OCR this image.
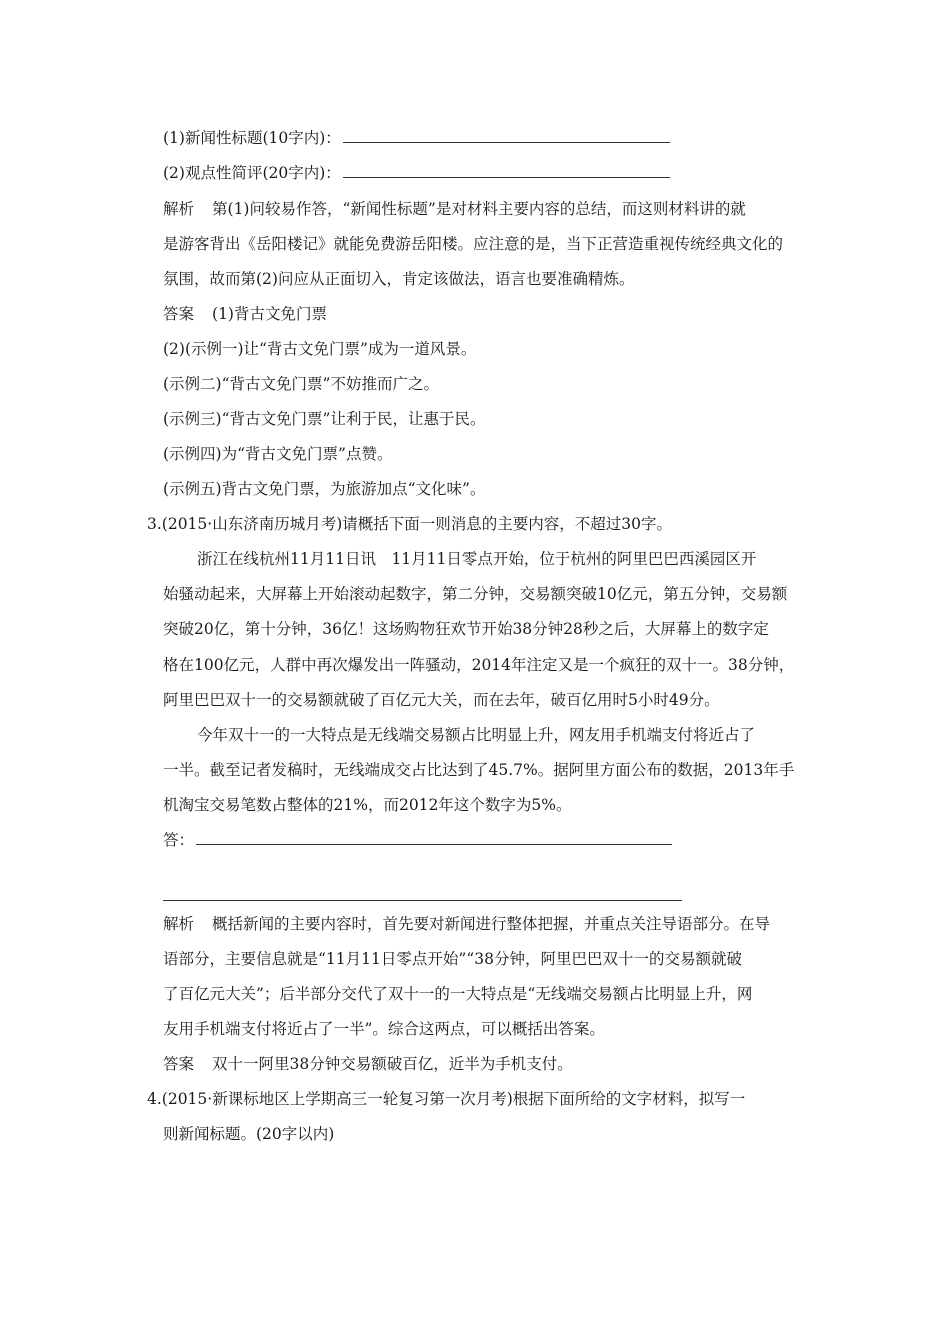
(1)新闻性标题(10字内)：
(2)观点性简评(20字内)：
解析 第(1)问较易作答，“新闻性标题”是对材料主要内容的总结，而这则材料讲的就
是游客背出《岳阳楼记》就能免费游岳阳楼。应注意的是，当下正营造重视传统经典文化的
氛围，故而第(2)问应从正面切入，肯定该做法，语言也要准确精炼。
答案 (1)背古文免门票
(2)(示例一)让“背古文免门票”成为一道风景。
(示例二)“背古文免门票”不妨推而广之。
(示例三)“背古文免门票”让利于民，让惠于民。
(示例四)为“背古文免门票”点赞。
(示例五)背古文免门票，为旅游加点“文化味”。
3.(2015·山东济南历城月考)请概括下面一则消息的主要内容，不超过30字。
浙江在线杭州11月11日讯　11月11日零点开始，位于杭州的阿里巴巴西溪园区开
始骚动起来，大屏幕上开始滚动起数字，第二分钟，交易额突破10亿元，第五分钟，交易额
突破20亿，第十分钟，36亿！这场购物狂欢节开始38分钟28秒之后，大屏幕上的数字定
格在100亿元，人群中再次爆发出一阵骚动，2014年注定又是一个疯狂的双十一。38分钟，
阿里巴巴双十一的交易额就破了百亿元大关，而在去年，破百亿用时5小时49分。
今年双十一的一大特点是无线端交易额占比明显上升，网友用手机端支付将近占了
一半。截至记者发稿时，无线端成交占比达到了45.7%。据阿里方面公布的数据，2013年手
机淘宝交易笔数占整体的21%，而2012年这个数字为5%。
答：
解析 概括新闻的主要内容时，首先要对新闻进行整体把握，并重点关注导语部分。在导
语部分，主要信息就是“11月11日零点开始”“38分钟，阿里巴巴双十一的交易额就破
了百亿元大关”；后半部分交代了双十一的一大特点是“无线端交易额占比明显上升，网
友用手机端支付将近占了一半”。综合这两点，可以概括出答案。
答案 双十一阿里38分钟交易额破百亿，近半为手机支付。
4.(2015·新课标地区上学期高三一轮复习第一次月考)根据下面所给的文字材料，拟写一
则新闻标题。(20字以内)
